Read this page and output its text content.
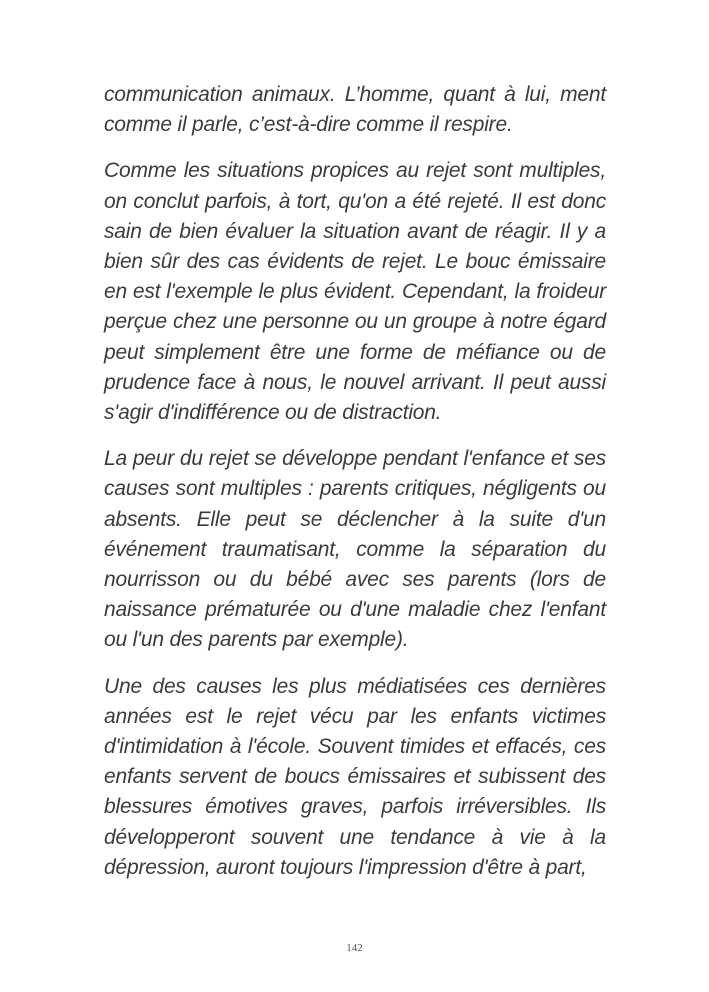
communication animaux. L’homme, quant à lui, ment comme il parle, c’est-à-dire comme il respire.

Comme les situations propices au rejet sont multiples, on conclut parfois, à tort, qu'on a été rejeté. Il est donc sain de bien évaluer la situation avant de réagir. Il y a bien sûr des cas évidents de rejet. Le bouc émissaire en est l'exemple le plus évident. Cependant, la froideur perçue chez une personne ou un groupe à notre égard peut simplement être une forme de méfiance ou de prudence face à nous, le nouvel arrivant. Il peut aussi s'agir d'indifférence ou de distraction.

La peur du rejet se développe pendant l'enfance et ses causes sont multiples : parents critiques, négligents ou absents. Elle peut se déclencher à la suite d'un événement traumatisant, comme la séparation du nourrisson ou du bébé avec ses parents (lors de naissance prématurée ou d'une maladie chez l'enfant ou l'un des parents par exemple).

Une des causes les plus médiatisées ces dernières années est le rejet vécu par les enfants victimes d'intimidation à l'école. Souvent timides et effacés, ces enfants servent de boucs émissaires et subissent des blessures émotives graves, parfois irréversibles. Ils développeront souvent une tendance à vie à la dépression, auront toujours l'impression d'être à part,

142
